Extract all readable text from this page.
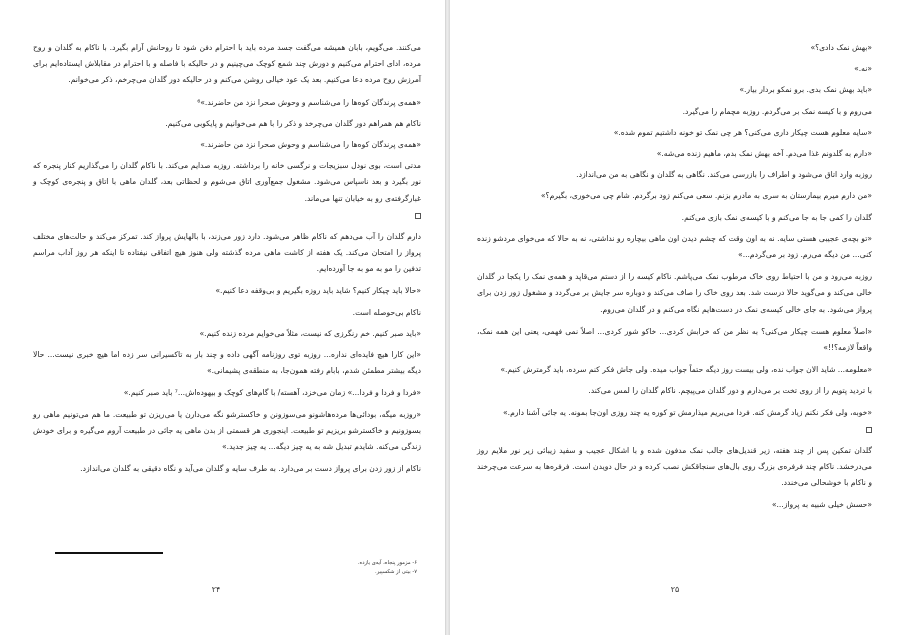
می‌کنند. می‌گویم، بابان همیشه می‌گفت جسد مرده باید با احترام دفن شود تا روحانش آرام بگیرد. با ناکام به گلدان و روح مرده، ادای احترام می‌کنیم و دورش چند شمع کوچک می‌چینیم و در حالیکه با فاصله و با احترام در مقابلاش ایستاده‌ایم برای آمرزش روح مرده دعا می‌کنیم. بعد یک عود خیالی روشن می‌کنم و در حالیکه دور گلدان می‌چرخم، ذکر می‌خوانم.

«همه‌ی پرندگان کوه‌ها را می‌شناسم و وحوش صحرا نزد من حاضرند.»⁶

ناکام هم همراهم دور گلدان می‌چرخد و ذکر را با هم می‌خوانیم و پایکوبی می‌کنیم.

«همه‌ی پرندگان کوه‌ها را می‌شناسم و وحوش صحرا نزد من حاضرند.»

مدتی است، بوی نودل سبزیجات و نرگسی خانه را برداشته. روزبه صدایم می‌کند. با ناکام گلدان را می‌گذاریم کنار پنجره که نور بگیرد و بعد ناسپاس می‌شود. مشغول جمع‌آوری اتاق می‌شوم و لحظاتی بعد، گلدان ماهی با اتاق و پنجره‌ی کوچک و غبارگرفته‌ی رو به خیابان تنها می‌ماند.

دارم گلدان را آب می‌دهم که ناکام ظاهر می‌شود. دارد زور می‌زند، با بالهایش پرواز کند. تمرکز می‌کند و حالت‌های مختلف پرواز را امتحان می‌کند. یک هفته از کاشت ماهی مرده گذشته ولی هنوز هیچ اتفاقی نیفتاده تا اینکه هر روز آداب مراسم تدفین را مو به مو به جا آورده‌ایم.

«حالا باید چیکار کنیم؟ شاید باید روزه بگیریم و بی‌وقفه دعا کنیم.»

ناکام بی‌حوصله است.

«باید صبر کنیم. خم رنگرزی که نیست، مثلاً می‌خوایم مرده زنده کنیم.»

«این کارا هیچ فایده‌ای نداره... روزبه توی روزنامه آگهی داده و چند بار به تاکسیرانی سر زده اما هیچ خبری نیست... حالا دیگه بیشتر مطمئن شدم، بابام رفته همون‌جا، به منطقه‌ی پشیمانی.»

«فردا و فردا و فردا...» زمان می‌خزد، آهسته/ با گام‌های کوچک و بیهوده‌اش...⁷ باید صبر کنیم.»

«روزبه میگه، بودائی‌ها مرده‌هاشونو می‌سوزونن و خاکسترشو نگه می‌دارن یا می‌ریزن تو طبیعت. ما هم می‌تونیم ماهی رو بسوزونیم و خاکسترشو بریزیم تو طبیعت. اینجوری هر قسمتی از بدن ماهی یه جائی در طبیعت آروم می‌گیره و برای خودش زندگی می‌کنه. شایدم تبدیل شه به یه چیز دیگه... یه چیز جدید.»

ناکام از زور زدن برای پرواز دست بر می‌دارد. به طرف سایه و گلدان می‌آید و نگاه دقیقی به گلدان می‌اندازد.

۶- مزمور پنجاه، آیه‌ی یازده.
۷- بیتی از شکسپیر.
۲۴

«بهش نمک دادی؟»

«نه.»

«باید بهش نمک بدی. برو نمکو بردار بیار.»

می‌روم و با کیسه نمک بر می‌گردم. روزبه مچمام را می‌گیرد.

«سایه معلوم هست چیکار داری می‌کنی؟ هر چی نمک تو خونه داشتیم تموم شده.»

«دارم به گلدونم غذا می‌دم. آخه بهش نمک بدم، ماهیم زنده می‌شه.»

روزبه وارد اتاق می‌شود و اطراف را بازرسی می‌کند. نگاهی به گلدان و نگاهی به من می‌اندازد.

«من دارم میرم بیمارستان به سری به مادرم بزنم. سعی می‌کنم زود برگردم. شام چی می‌خوری، بگیرم؟»

گلدان را کمی جا به جا می‌کنم و با کیسه‌ی نمک بازی می‌کنم.

«تو بچه‌ی عجیبی هستی سایه. نه به اون وقت که چشم دیدن اون ماهی بیچاره رو نداشتی، نه به حالا که می‌خوای مردشو زنده کنی... من دیگه می‌رم. زود بر می‌گردم...»

روزبه می‌رود و من با احتیاط روی خاک مرطوب نمک می‌پاشم. ناکام کیسه را از دستم می‌قاپد و همه‌ی نمک را یکجا در گلدان خالی می‌کند و می‌گوید حالا درست شد. بعد روی خاک را صاف می‌کند و دوباره سر جایش بر می‌گردد و مشغول زور زدن برای پرواز می‌شود. به جای خالی کیسه‌ی نمک در دست‌هایم نگاه می‌کنم و در گلدان می‌روم.

«اصلاً معلوم هست چیکار می‌کنی؟ به نظر من که خرابش کردی... خاکو شور کردی... اصلاً نمی فهمی، یعنی این همه نمک، واقعاً لازمه؟!!»

«معلومه... شاید الان جواب نده، ولی بیست روز دیگه حتماً جواب میده. ولی جاش فکر کنم سرده، باید گرمترش کنیم.»

با تردید پتویم را از روی تخت بر می‌دارم و دور گلدان می‌پیچم. ناکام گلدان را لمس می‌کند.

«خوبه، ولی فکر نکنم زیاد گرمش کنه. فردا می‌بریم میذارمش تو کوره یه چند روزی اون‌جا بمونه. یه جائی آشنا دارم.»

گلدان تمکین پس از چند هفته، زیر قندیل‌های جالب نمک مدفون شده و با اشکال عجیب و سفید زیبائی زیر نور ملایم روز می‌درخشد. ناکام چند فرفره‌ی بزرگ روی بال‌های سنجاقکش نصب کرده و در حال دویدن است. فرفره‌ها به سرعت می‌چرخند و ناکام با خوشحالی می‌خندد.

«حسش خیلی شبیه به پرواز...»

۲۵
